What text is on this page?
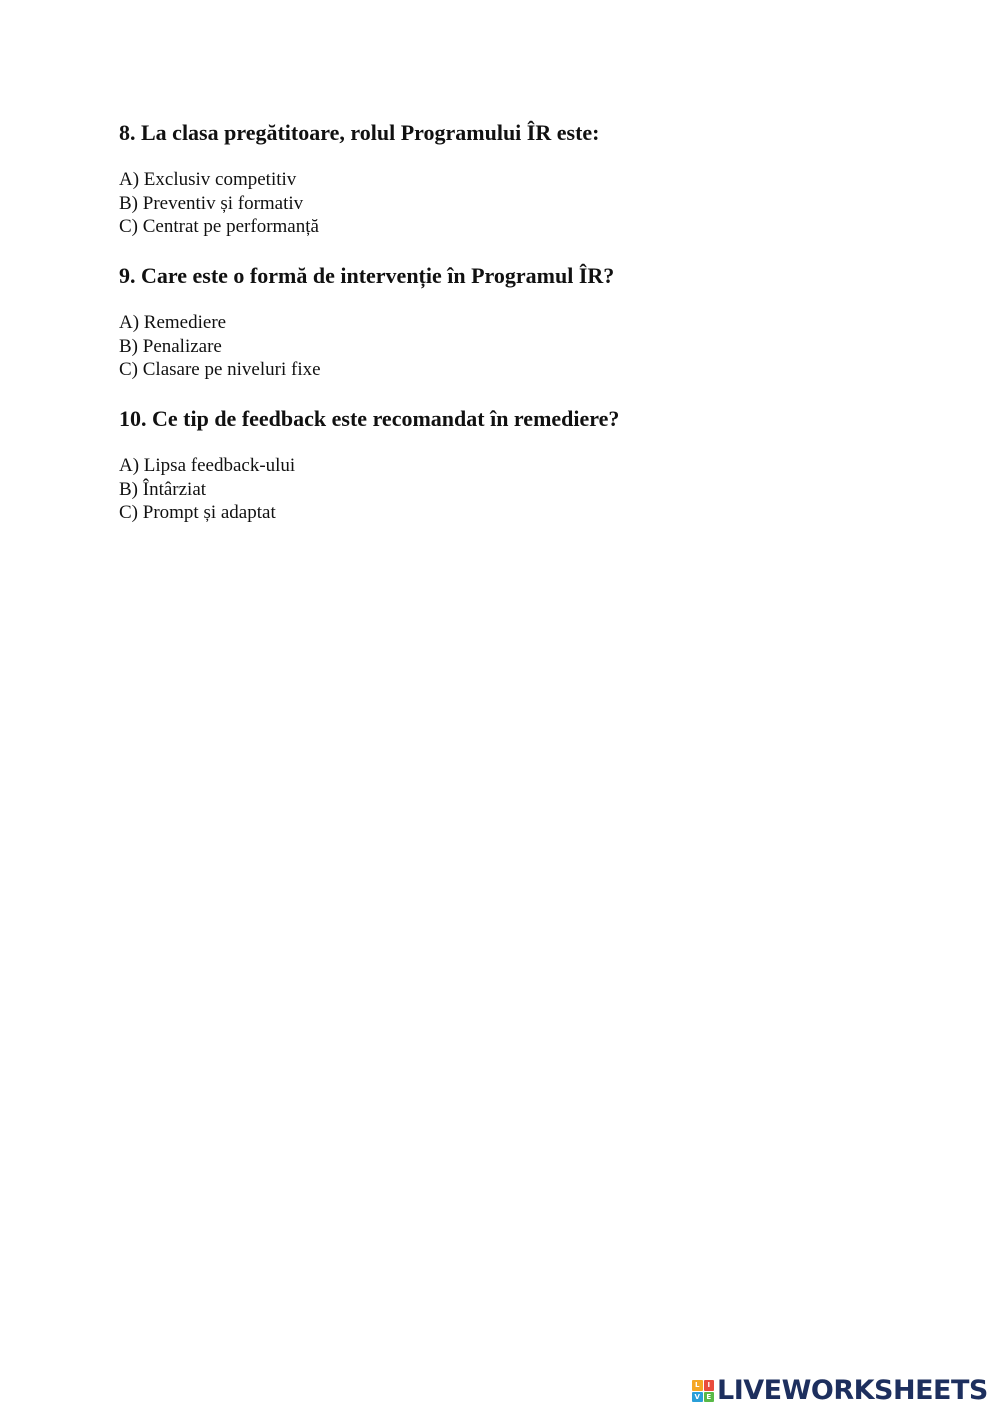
8. La clasa pregătitoare, rolul Programului ÎR este:
A) Exclusiv competitiv
B) Preventiv și formativ
C) Centrat pe performanță
9. Care este o formă de intervenție în Programul ÎR?
A) Remediere
B) Penalizare
C) Clasare pe niveluri fixe
10. Ce tip de feedback este recomandat în remediere?
A) Lipsa feedback-ului
B) Întârziat
C) Prompt și adaptat
L	I
V E LIVEWORKSHEETS
